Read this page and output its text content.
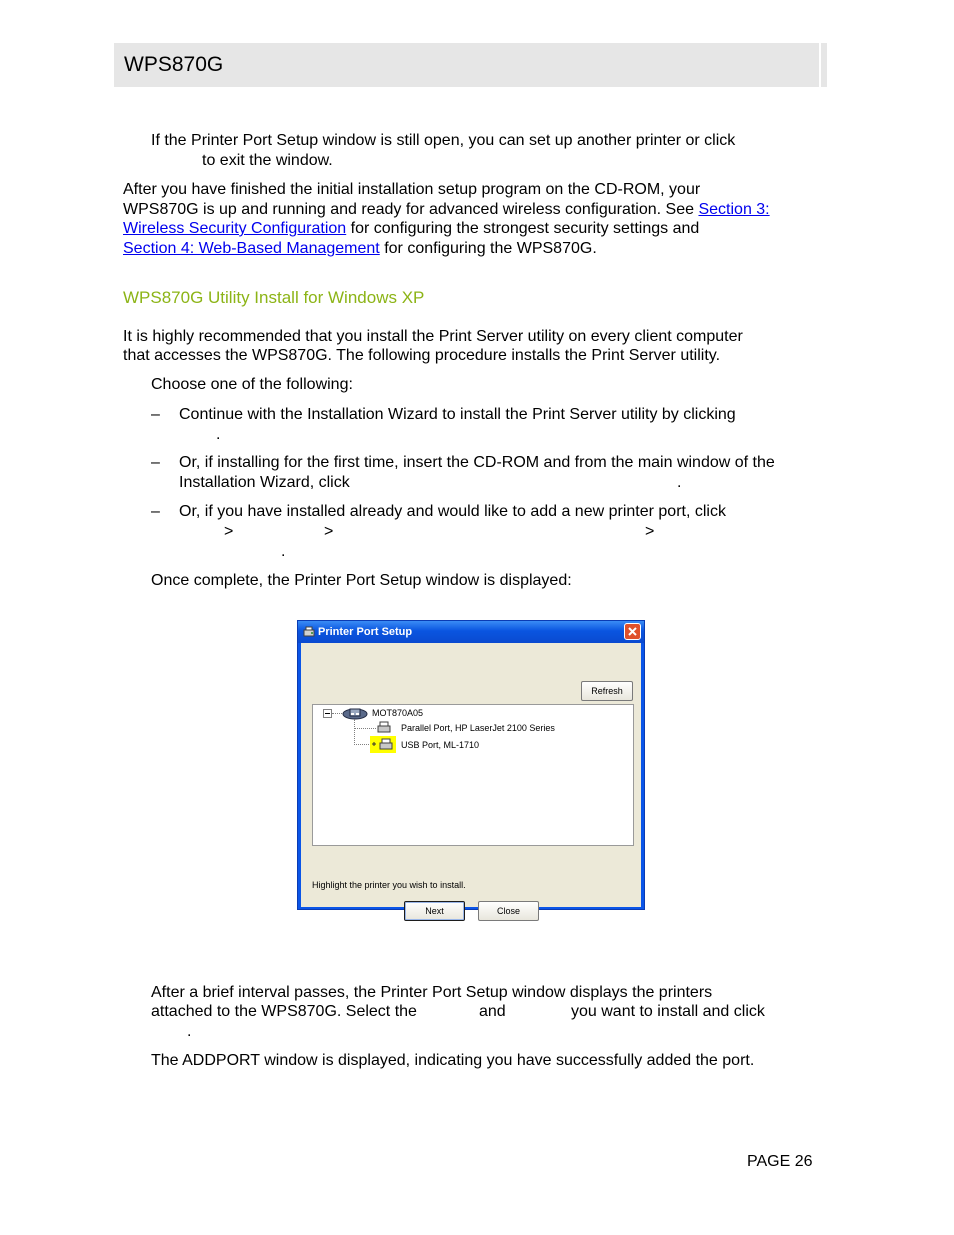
WPS870G
If the Printer Port Setup window is still open, you can set up another printer or click
to exit the window.
After you have finished the initial installation setup program on the CD-ROM, your
WPS870G is up and running and ready for advanced wireless configuration. See Section 3:
Wireless Security Configuration for configuring the strongest security settings and
Section 4: Web-Based Management for configuring the WPS870G.
WPS870G Utility Install for Windows XP
It is highly recommended that you install the Print Server utility on every client computer
that accesses the WPS870G. The following procedure installs the Print Server utility.
Choose one of the following:
– Continue with the Installation Wizard to install the Print Server utility by clicking
.
– Or, if installing for the first time, insert the CD-ROM and from the main window of the
Installation Wizard, click	.
– Or, if you have installed already and would like to add a new printer port, click
>	>	>
.
Once complete, the Printer Port Setup window is displayed:
Printer Port Setup
Refresh
MOT870A05
Parallel Port, HP LaserJet 2100 Series
USB Port, ML-1710
Highlight the printer you wish to install.
Next	Close
After a brief interval passes, the Printer Port Setup window displays the printers
attached to the WPS870G. Select the	and	you want to install and click
.
The ADDPORT window is displayed, indicating you have successfully added the port.
PAGE 26
